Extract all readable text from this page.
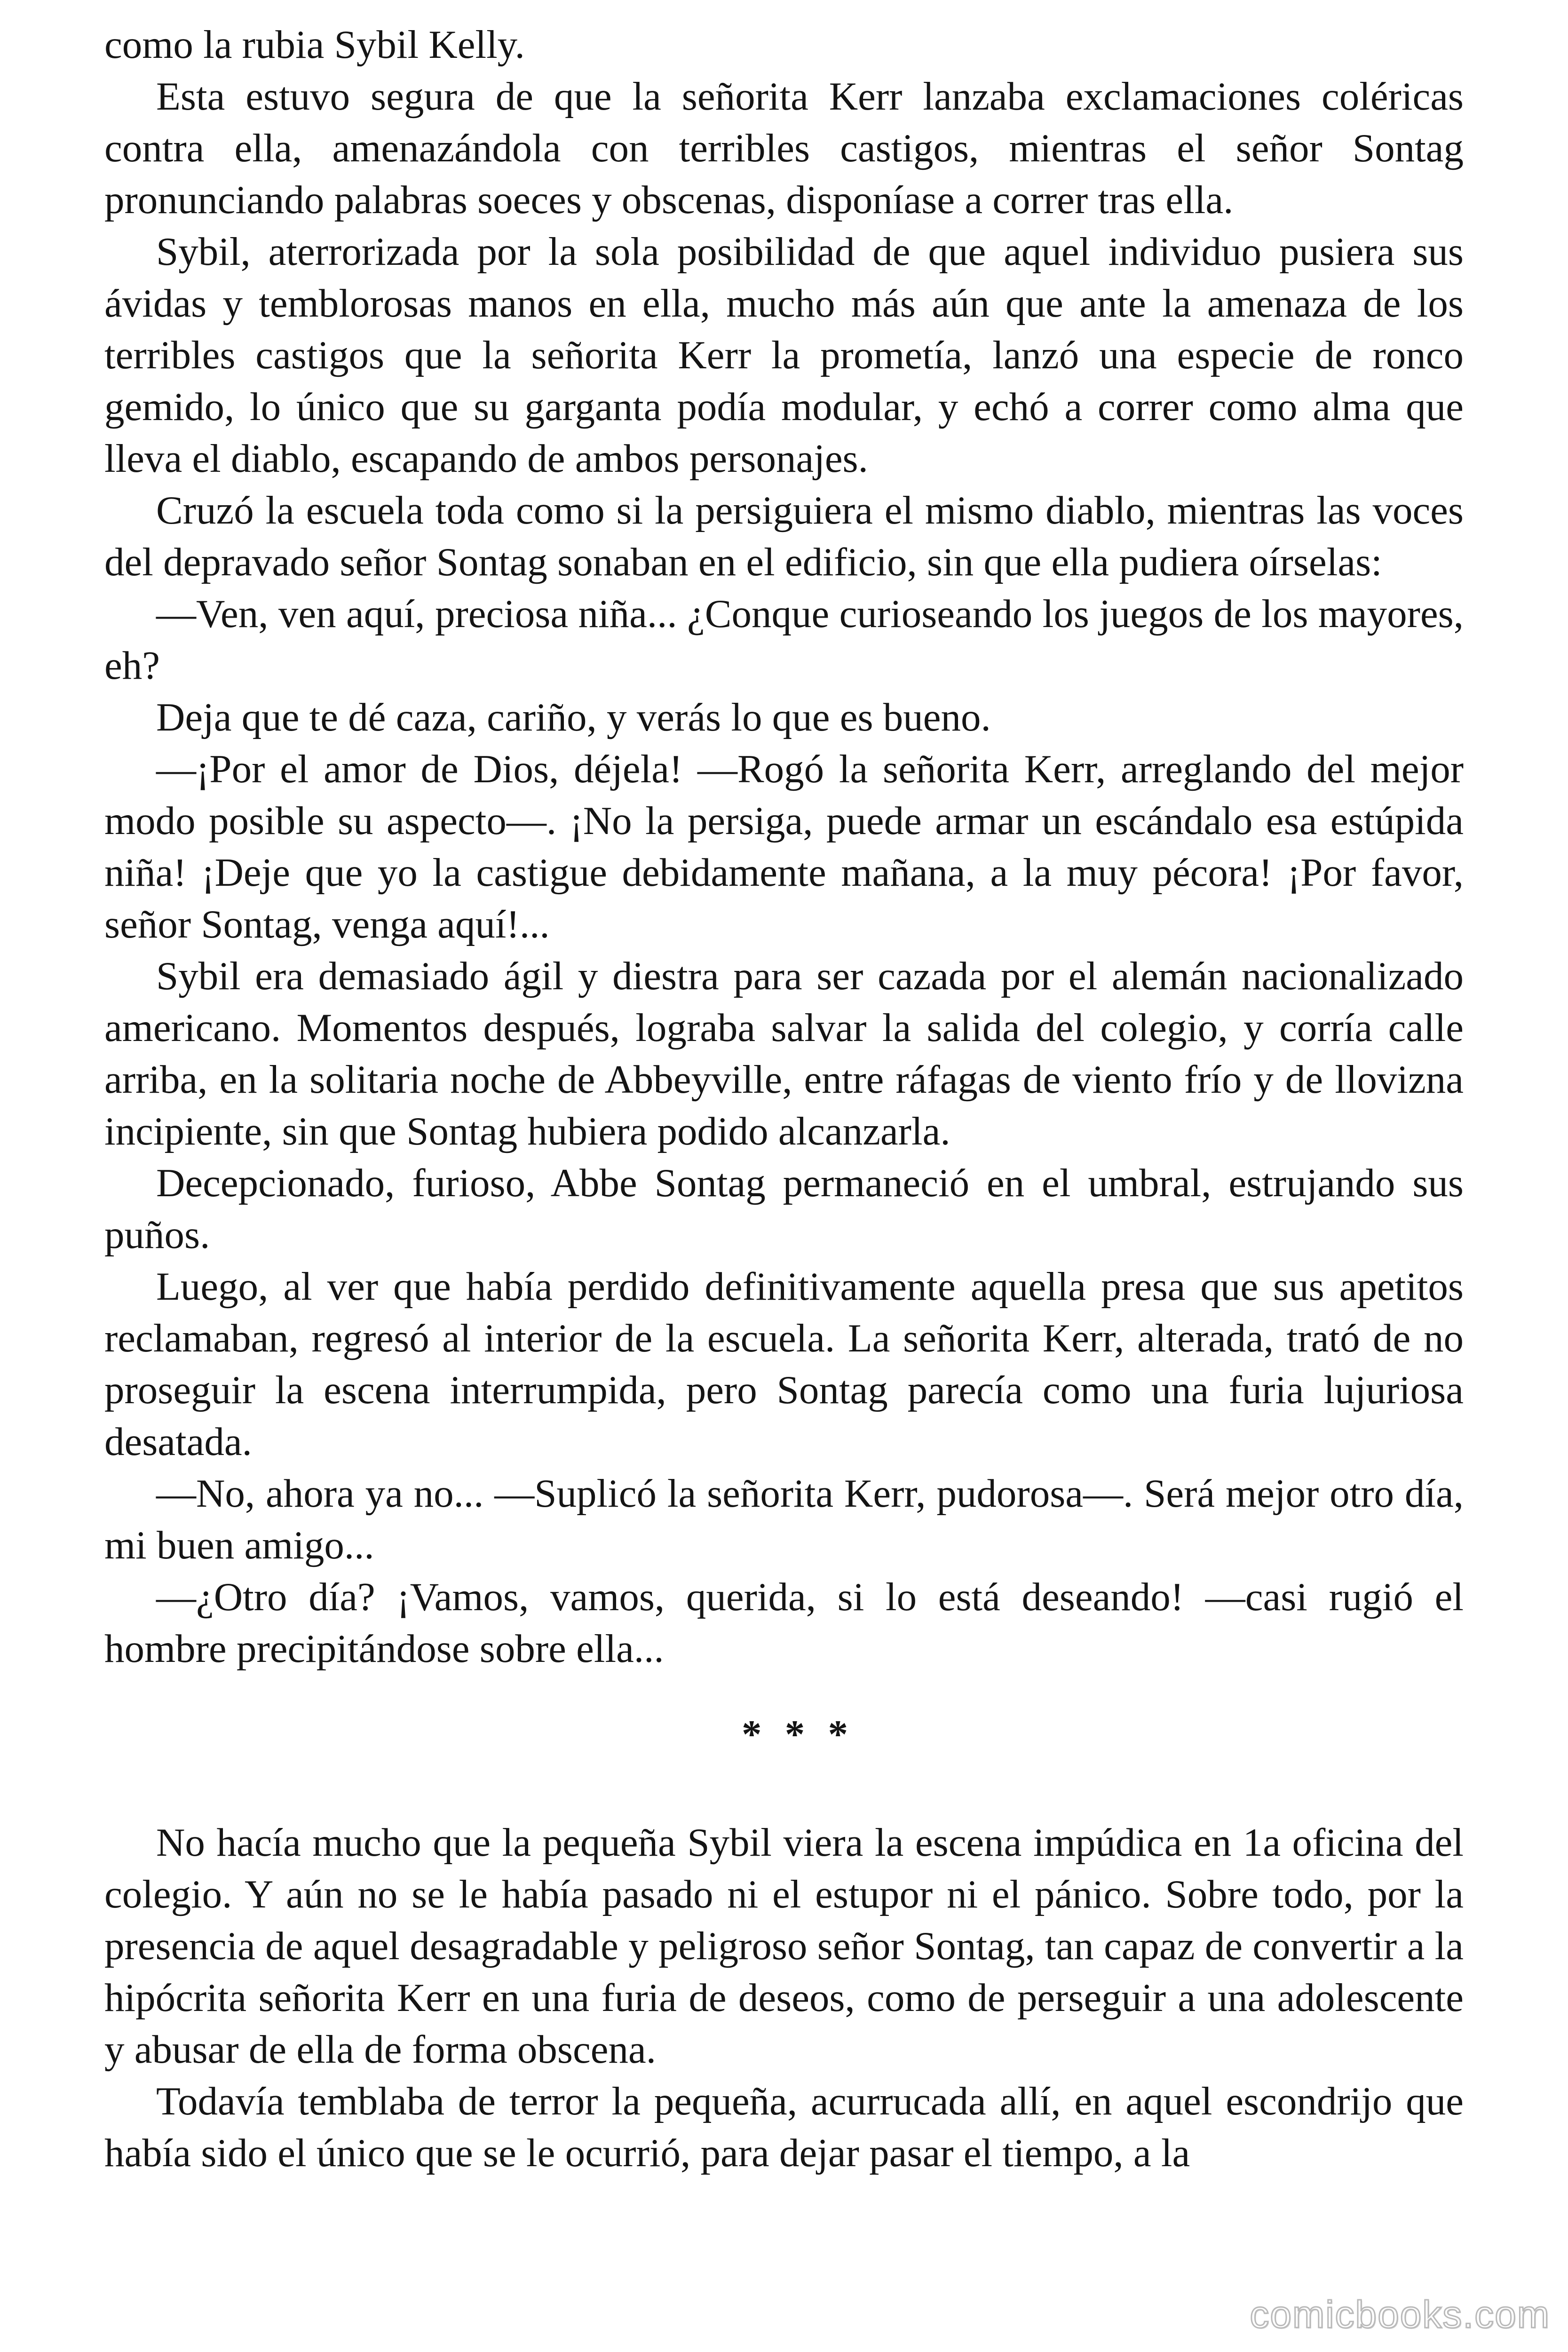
como la rubia Sybil Kelly.

Esta estuvo segura de que la señorita Kerr lanzaba exclamaciones coléricas contra ella, amenazándola con terribles castigos, mientras el señor Sontag pronunciando palabras soeces y obscenas, disponíase a correr tras ella.

Sybil, aterrorizada por la sola posibilidad de que aquel individuo pusiera sus ávidas y temblorosas manos en ella, mucho más aún que ante la amenaza de los terribles castigos que la señorita Kerr la prometía, lanzó una especie de ronco gemido, lo único que su garganta podía modular, y echó a correr como alma que lleva el diablo, escapando de ambos personajes.

Cruzó la escuela toda como si la persiguiera el mismo diablo, mientras las voces del depravado señor Sontag sonaban en el edificio, sin que ella pudiera oírselas:

—Ven, ven aquí, preciosa niña... ¿Conque curioseando los juegos de los mayores, eh?

Deja que te dé caza, cariño, y verás lo que es bueno.

—¡Por el amor de Dios, déjela! —Rogó la señorita Kerr, arreglando del mejor modo posible su aspecto—. ¡No la persiga, puede armar un escándalo esa estúpida niña! ¡Deje que yo la castigue debidamente mañana, a la muy pécora! ¡Por favor, señor Sontag, venga aquí!...

Sybil era demasiado ágil y diestra para ser cazada por el alemán nacionalizado americano. Momentos después, lograba salvar la salida del colegio, y corría calle arriba, en la solitaria noche de Abbeyville, entre ráfagas de viento frío y de llovizna incipiente, sin que Sontag hubiera podido alcanzarla.

Decepcionado, furioso, Abbe Sontag permaneció en el umbral, estrujando sus puños.

Luego, al ver que había perdido definitivamente aquella presa que sus apetitos reclamaban, regresó al interior de la escuela. La señorita Kerr, alterada, trató de no proseguir la escena interrumpida, pero Sontag parecía como una furia lujuriosa desatada.

—No, ahora ya no... —Suplicó la señorita Kerr, pudorosa—. Será mejor otro día, mi buen amigo...

—¿Otro día? ¡Vamos, vamos, querida, si lo está deseando! —casi rugió el hombre precipitándose sobre ella...

* * *

No hacía mucho que la pequeña Sybil viera la escena impúdica en 1a oficina del colegio. Y aún no se le había pasado ni el estupor ni el pánico. Sobre todo, por la presencia de aquel desagradable y peligroso señor Sontag, tan capaz de convertir a la hipócrita señorita Kerr en una furia de deseos, como de perseguir a una adolescente y abusar de ella de forma obscena.

Todavía temblaba de terror la pequeña, acurrucada allí, en aquel escondrijo que había sido el único que se le ocurrió, para dejar pasar el tiempo, a la

comicbooks.com
